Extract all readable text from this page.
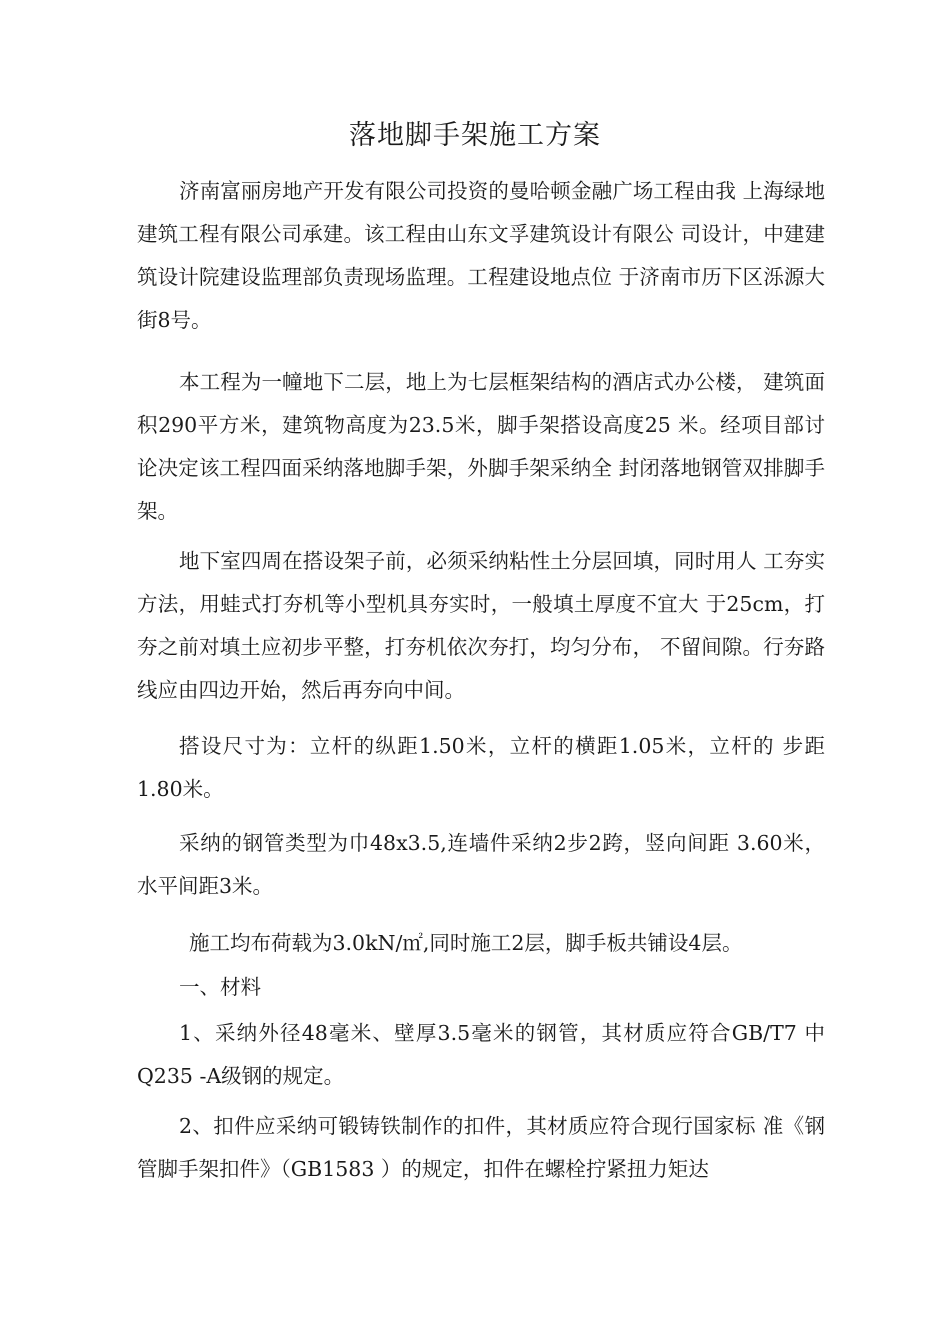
落地脚手架施工方案

济南富丽房地产开发有限公司投资的曼哈顿金融广场工程由我 上海绿地建筑工程有限公司承建。该工程由山东文孚建筑设计有限公 司设计，中建建筑设计院建设监理部负责现场监理。工程建设地点位 于济南市历下区泺源大街8号。

本工程为一幢地下二层，地上为七层框架结构的酒店式办公楼， 建筑面积290平方米，建筑物高度为23.5米，脚手架搭设高度25 米。经项目部讨论决定该工程四面采纳落地脚手架，外脚手架采纳全 封闭落地钢管双排脚手架。

地下室四周在搭设架子前，必须采纳粘性土分层回填，同时用人 工夯实方法，用蛙式打夯机等小型机具夯实时，一般填土厚度不宜大 于25cm，打夯之前对填土应初步平整，打夯机依次夯打，均匀分布， 不留间隙。行夯路线应由四边开始，然后再夯向中间。

搭设尺寸为：立杆的纵距1.50米，立杆的横距1.05米，立杆的 步距1.80米。

采纳的钢管类型为巾48x3.5,连墙件采纳2步2跨，竖向间距 3.60米，水平间距3米。

施工均布荷载为3.0kN/㎡,同时施工2层，脚手板共铺设4层。

一、材料

1、采纳外径48毫米、壁厚3.5毫米的钢管，其材质应符合GB/T7 中Q235 -A级钢的规定。

2、扣件应采纳可锻铸铁制作的扣件，其材质应符合现行国家标 准《钢管脚手架扣件》（GB1583 ）的规定，扣件在螺栓拧紧扭力矩达
